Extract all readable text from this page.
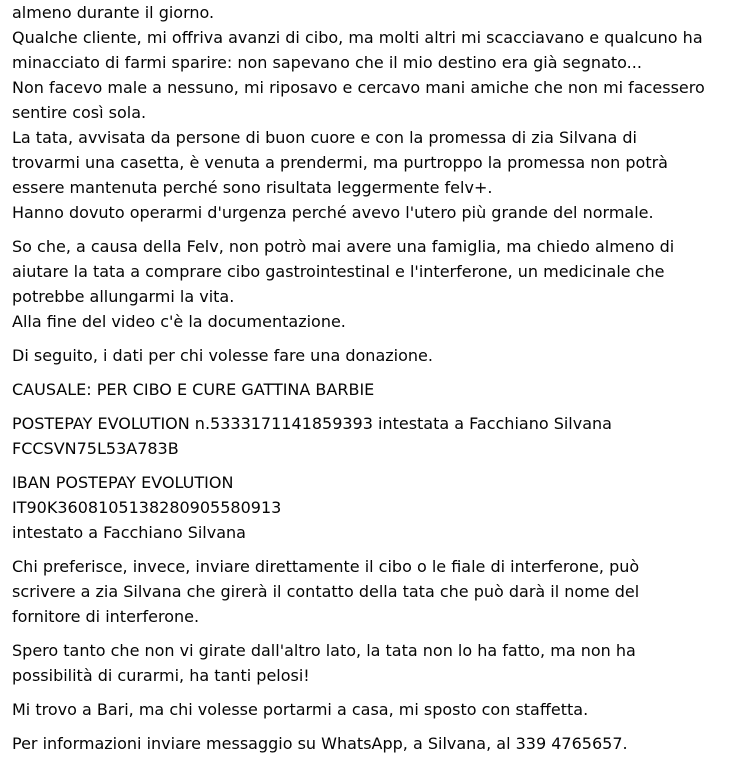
almeno durante il giorno.
Qualche cliente, mi offriva avanzi di cibo, ma molti altri mi scacciavano e qualcuno ha
minacciato di farmi sparire: non sapevano che il mio destino era già segnato...
Non facevo male a nessuno, mi riposavo e cercavo mani amiche che non mi facessero
sentire così sola.
La tata, avvisata da persone di buon cuore e con la promessa di zia Silvana di
trovarmi una casetta, è venuta a prendermi, ma purtroppo la promessa non potrà
essere mantenuta perché sono risultata leggermente felv+.
Hanno dovuto operarmi d'urgenza perché avevo l'utero più grande del normale.

So che, a causa della Felv, non potrò mai avere una famiglia, ma chiedo almeno di
aiutare la tata a comprare cibo gastrointestinal e l'interferone, un medicinale che
potrebbe allungarmi la vita.
Alla fine del video c'è la documentazione.

Di seguito, i dati per chi volesse fare una donazione.

CAUSALE: PER CIBO E CURE GATTINA BARBIE

POSTEPAY EVOLUTION n.5333171141859393 intestata a Facchiano Silvana
FCCSVN75L53A783B

IBAN POSTEPAY EVOLUTION
IT90K3608105138280905580913
intestato a Facchiano Silvana

Chi preferisce, invece, inviare direttamente il cibo o le fiale di interferone, può
scrivere a zia Silvana che girerà il contatto della tata che può darà il nome del
fornitore di interferone.

Spero tanto che non vi girate dall'altro lato, la tata non lo ha fatto, ma non ha
possibilità di curarmi, ha tanti pelosi!

Mi trovo a Bari, ma chi volesse portarmi a casa, mi sposto con staffetta.

Per informazioni inviare messaggio su WhatsApp, a Silvana, al 339 4765657.
